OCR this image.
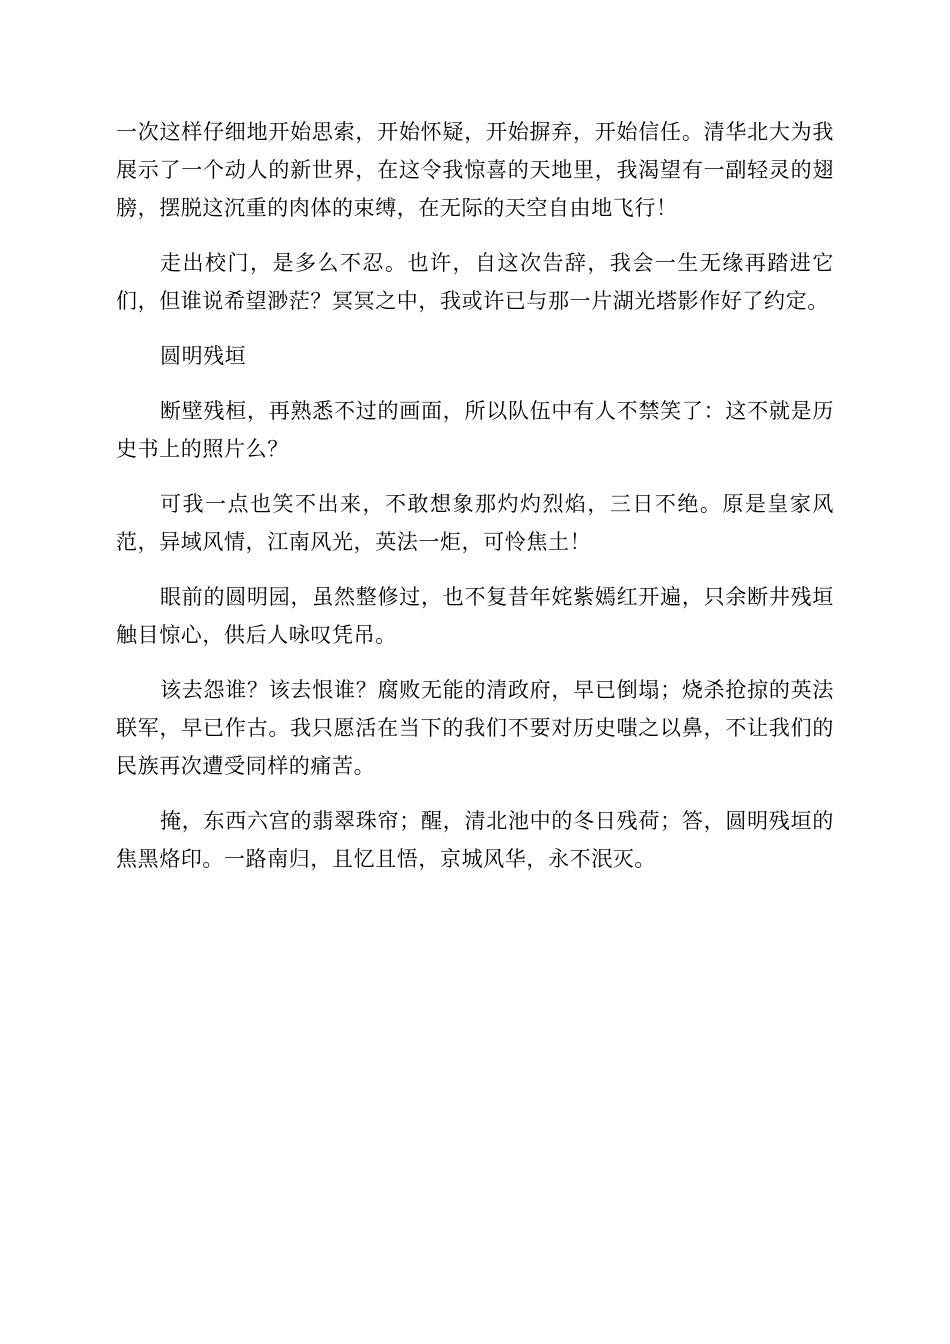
一次这样仔细地开始思索，开始怀疑，开始摒弃，开始信任。清华北大为我展示了一个动人的新世界，在这令我惊喜的天地里，我渴望有一副轻灵的翅膀，摆脱这沉重的肉体的束缚，在无际的天空自由地飞行！

走出校门，是多么不忍。也许，自这次告辞，我会一生无缘再踏进它们，但谁说希望渺茫？冥冥之中，我或许已与那一片湖光塔影作好了约定。

圆明残垣

断壁残桓，再熟悉不过的画面，所以队伍中有人不禁笑了：这不就是历史书上的照片么？

可我一点也笑不出来，不敢想象那灼灼烈焰，三日不绝。原是皇家风范，异域风情，江南风光，英法一炬，可怜焦土！

眼前的圆明园，虽然整修过，也不复昔年姹紫嫣红开遍，只余断井残垣触目惊心，供后人咏叹凭吊。

该去怨谁？该去恨谁？腐败无能的清政府，早已倒塌；烧杀抢掠的英法联军，早已作古。我只愿活在当下的我们不要对历史嗤之以鼻，不让我们的民族再次遭受同样的痛苦。

掩，东西六宫的翡翠珠帘；醒，清北池中的冬日残荷；答，圆明残垣的焦黑烙印。一路南归，且忆且悟，京城风华，永不泯灭。
